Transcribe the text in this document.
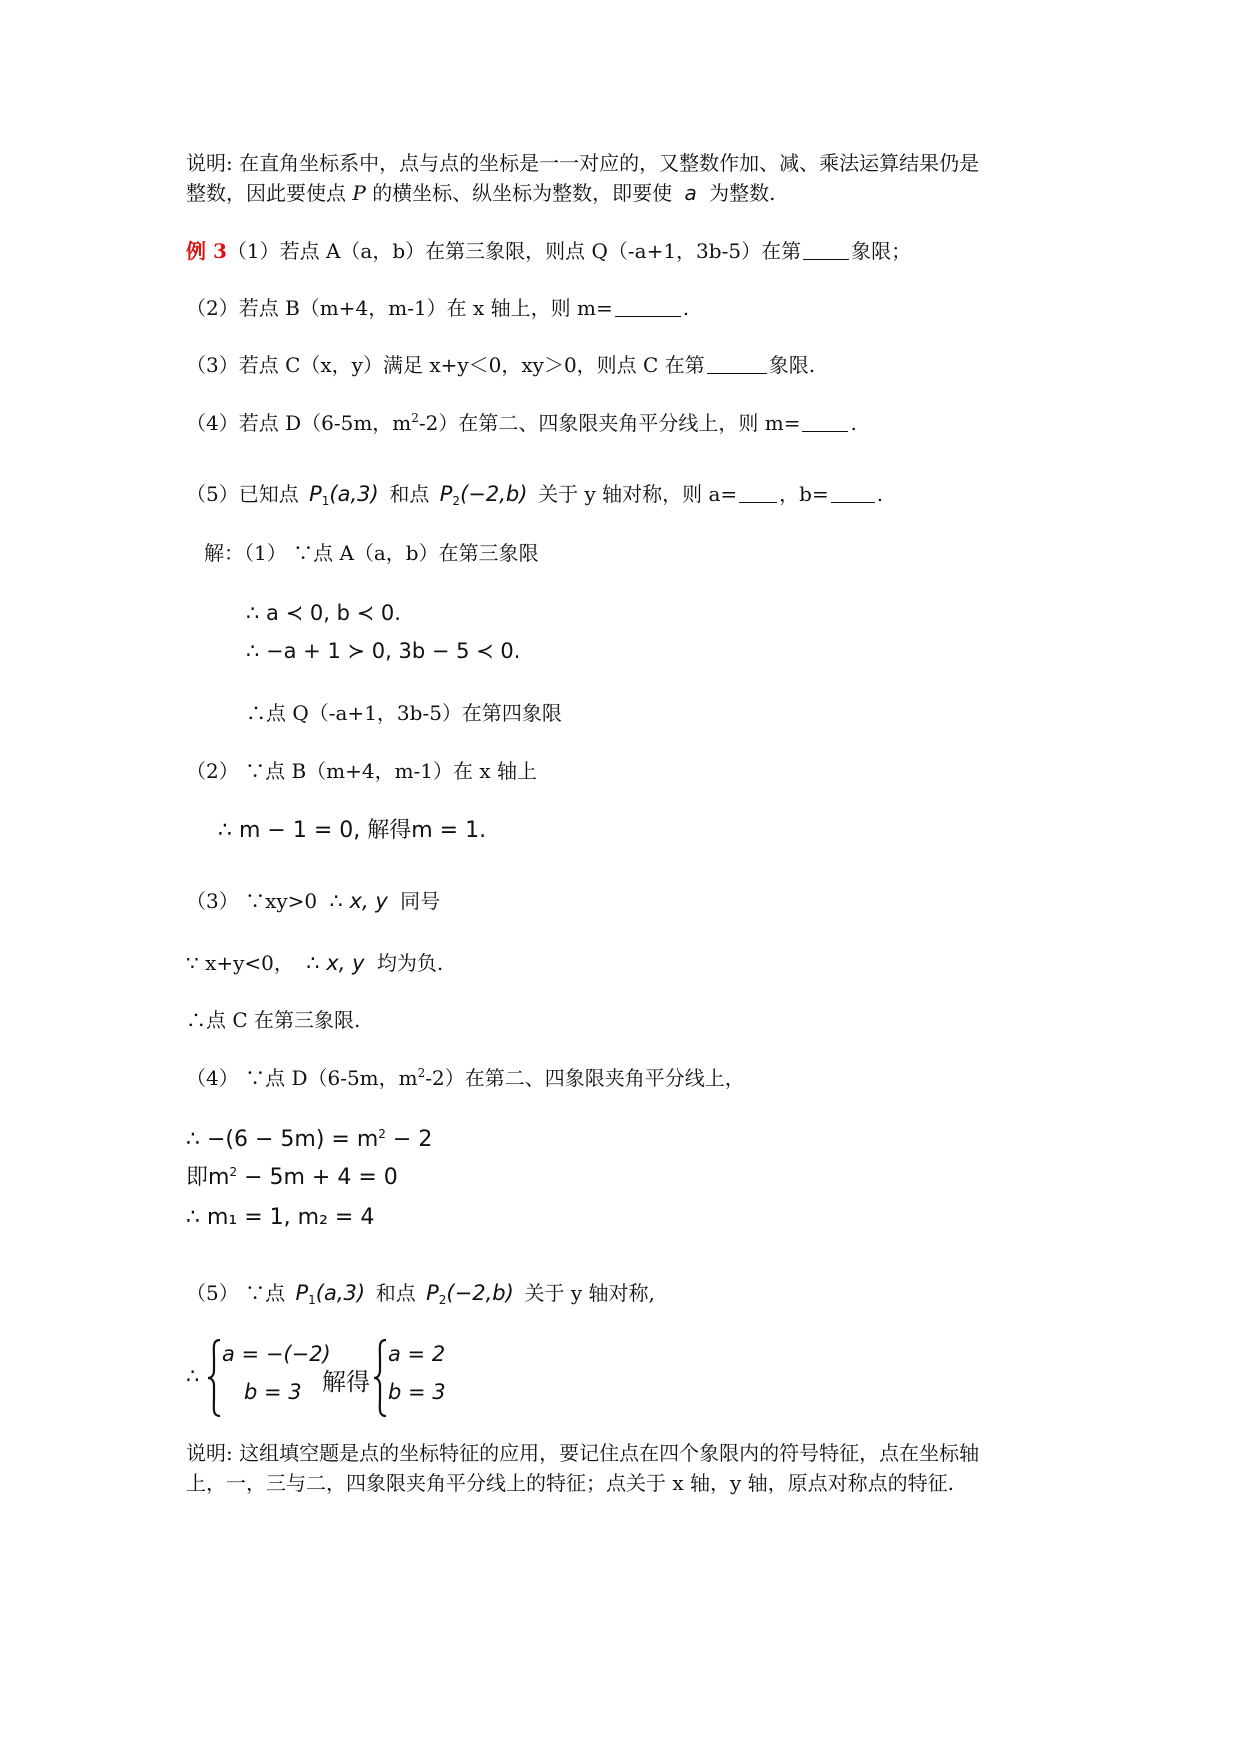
说明: 在直角坐标系中，点与点的坐标是一一对应的，又整数作加、减、乘法运算结果仍是
整数，因此要使点 P 的横坐标、纵坐标为整数，即要使 a 为整数.
例 3（1）若点 A（a，b）在第三象限，则点 Q（-a+1，3b-5）在第	象限；
（2）若点 B（m+4，m-1）在 x 轴上，则 m=	.
（3）若点 C（x，y）满足 x+y＜0，xy＞0，则点 C 在第	象限.
（4）若点 D（6-5m，$m^2-2$）在第二、四象限夹角平分线上，则 m=	.
（5）已知点 $P_1(a,3)$ 和点 $P_2(-2,b)$ 关于 y 轴对称，则 a= ，b= .
解：（1） ∵点 A（a，b）在第三象限
∴ a ≺ 0, b ≺ 0.
∴ −a + 1 ≻ 0, 3b − 5 ≺ 0.
∴点 Q（-a+1，3b-5）在第四象限
（2） ∵点 B（m+4，m-1）在 x 轴上
∴ m − 1 = 0, 解得m = 1.
（3） ∵xy>0 ∴ x, y 同号
∵ x+y<0， ∴ x, y 均为负.
∴点 C 在第三象限.
（4） ∵点 D（6-5m，$m^2-2$）在第二、四象限夹角平分线上，
∴ $-(6 - 5m) = m^2 - 2$
即$m^2 - 5m + 4 = 0$
∴ m₁ = 1, m₂ = 4
（5） ∵点 $P_1(a,3)$ 和点 $P_2(-2,b)$ 关于 y 轴对称,
∴
a = −(−2)
b = 3 解得
a = 2
b = 3
说明: 这组填空题是点的坐标特征的应用，要记住点在四个象限内的符号特征，点在坐标轴
上，一，三与二，四象限夹角平分线上的特征；点关于 x 轴，y 轴，原点对称点的特征.
